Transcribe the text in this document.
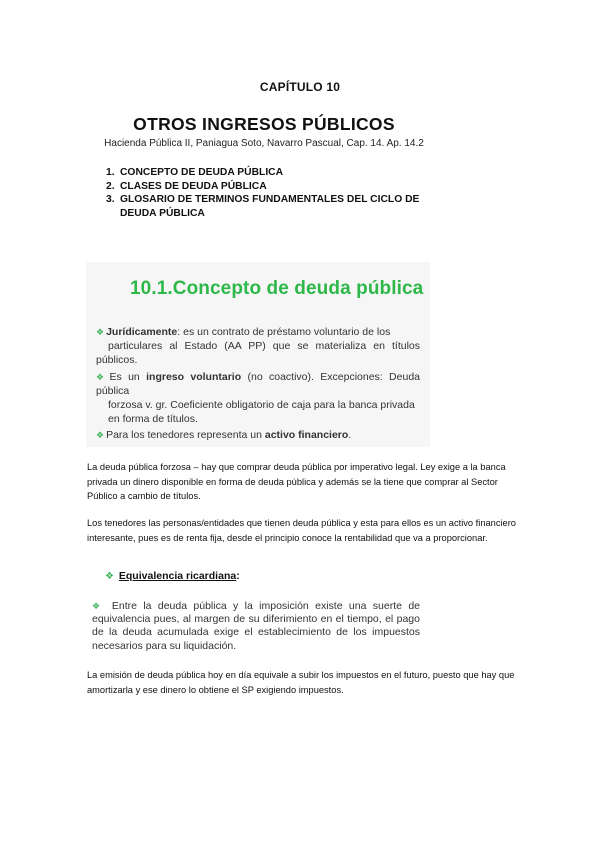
CAPÍTULO 10
OTROS INGRESOS PÚBLICOS
Hacienda Pública II, Paniagua Soto, Navarro Pascual, Cap. 14. Ap. 14.2
1. CONCEPTO DE DEUDA PÚBLICA
2. CLASES DE DEUDA PÚBLICA
3. GLOSARIO DE TERMINOS FUNDAMENTALES DEL CICLO DE
DEUDA PÚBLICA
10.1.Concepto de deuda pública
❖ Jurídicamente: es un contrato de préstamo voluntario de los
particulares al Estado (AA PP) que se materializa en títulos públicos.
❖ Es un ingreso voluntario (no coactivo). Excepciones: Deuda pública
forzosa v. gr. Coeficiente obligatorio de caja para la banca privada
en forma de títulos.
❖ Para los tenedores representa un activo financiero.
La deuda pública forzosa – hay que comprar deuda pública por imperativo legal. Ley exige a la banca privada un dinero disponible en forma de deuda pública y además se la tiene que comprar al Sector Público a cambio de títulos.
Los tenedores las personas/entidades que tienen deuda pública y esta para ellos es un activo financiero interesante, pues es de renta fija, desde el principio conoce la rentabilidad que va a proporcionar.
❖ Equivalencia ricardiana:
❖ Entre la deuda pública y la imposición existe una suerte de equivalencia pues, al margen de su diferimiento en el tiempo, el pago de la deuda acumulada exige el establecimiento de los impuestos necesarios para su liquidación.
La emisión de deuda pública hoy en día equivale a subir los impuestos en el futuro, puesto que hay que amortizarla y ese dinero lo obtiene el SP exigiendo impuestos.
